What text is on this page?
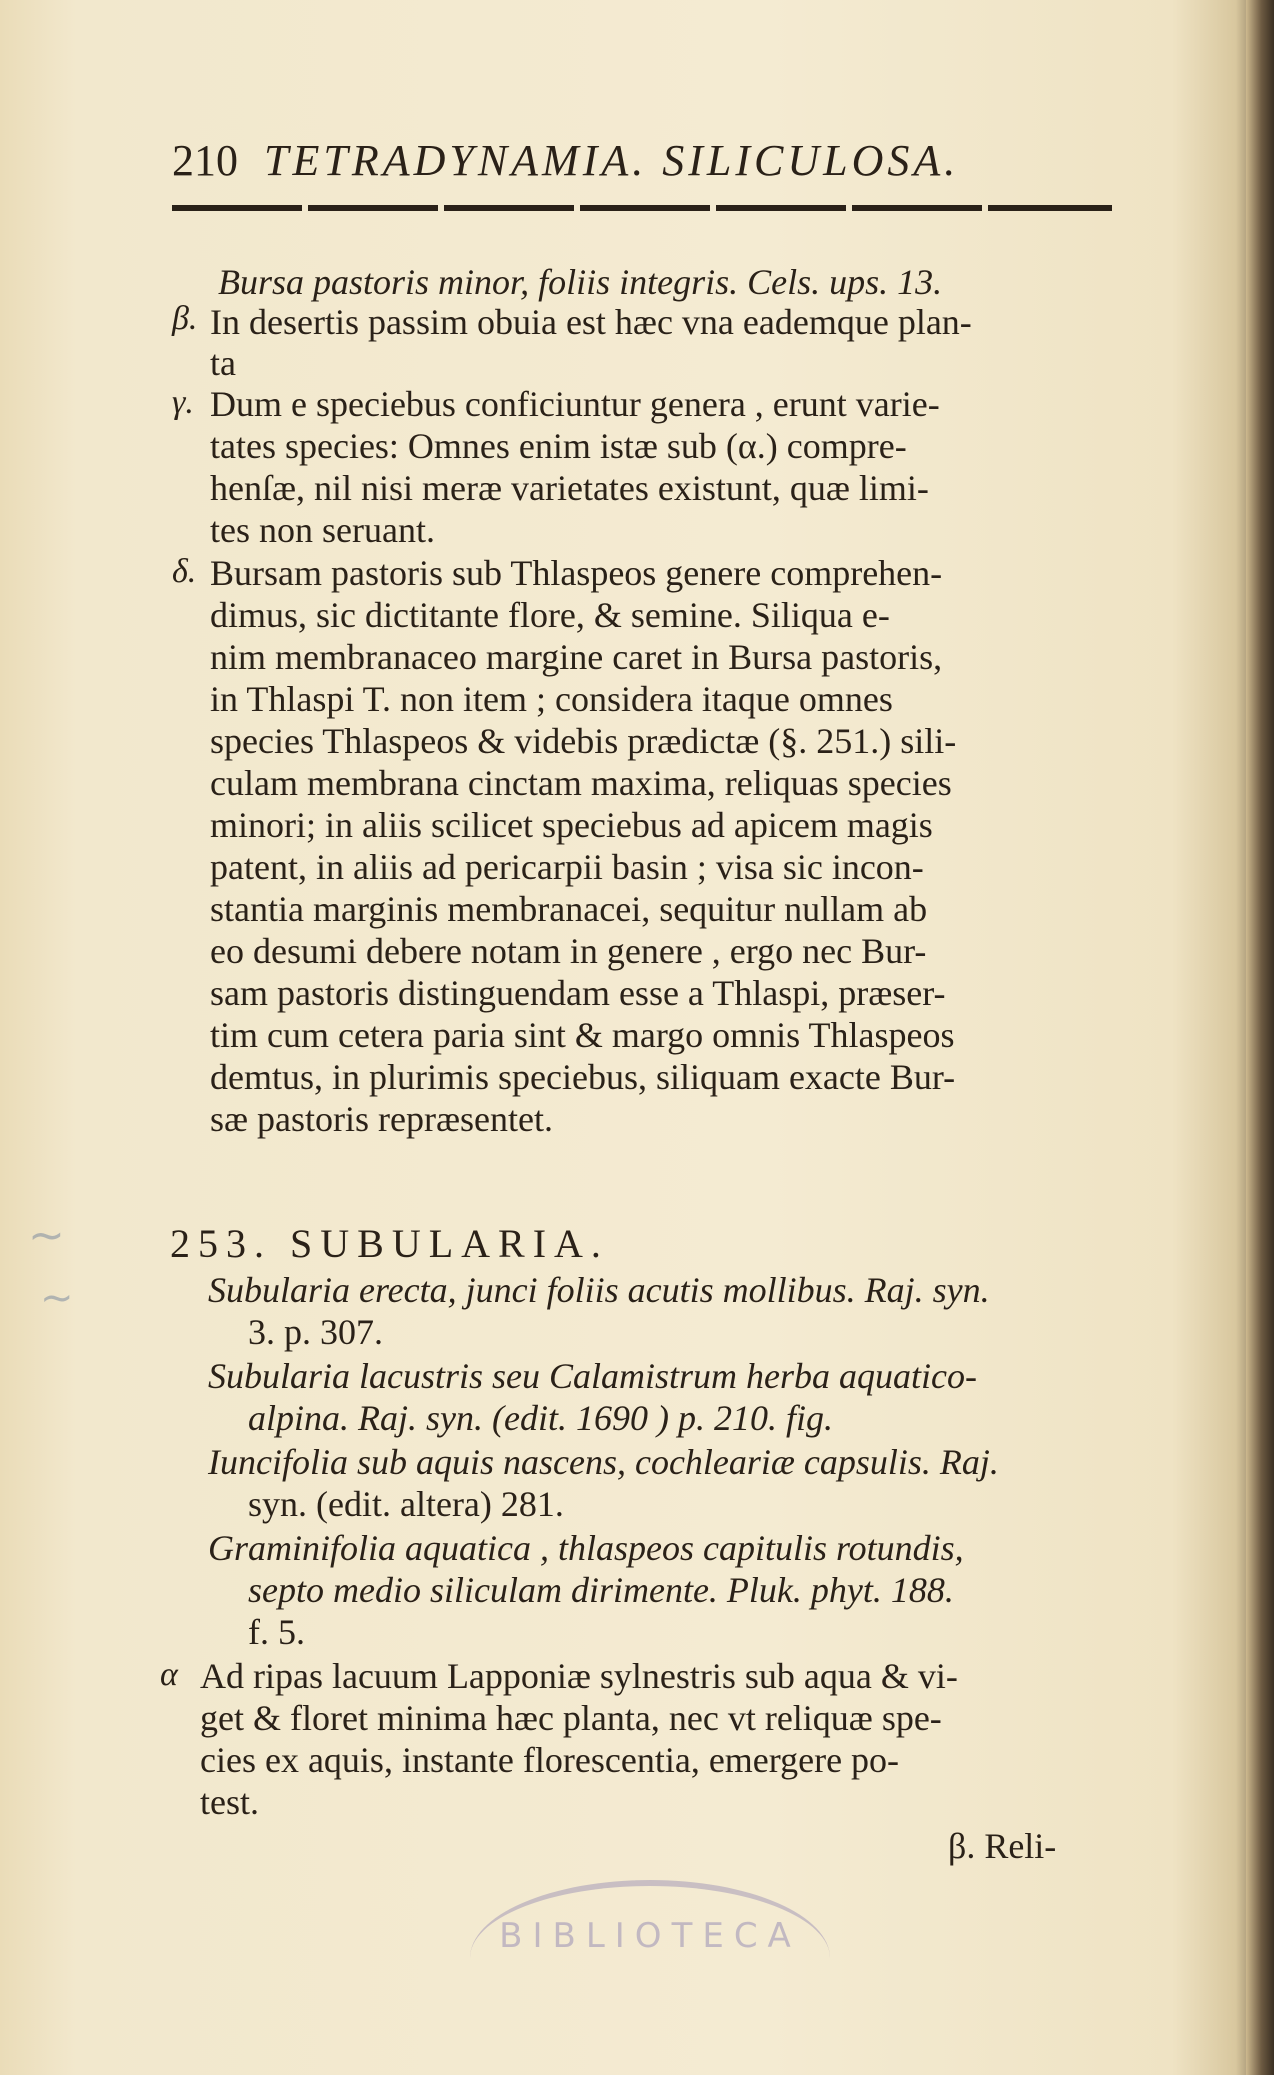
210 TETRADYNAMIA. SILICULOSA.
Bursa pastoris minor, foliis integris. Cels. ups. 13.
β. In desertis passim obuia est hæc vna eademque plan-
ta
γ. Dum e speciebus conficiuntur genera , erunt varie-
tates species: Omnes enim istæ sub (α.) compre-
henſæ, nil nisi meræ varietates existunt, quæ limi-
tes non seruant.
δ. Bursam pastoris sub Thlaspeos genere comprehen-
dimus, sic dictitante flore, & semine. Siliqua e-
nim membranaceo margine caret in Bursa pastoris,
in Thlaspi T. non item ; considera itaque omnes
species Thlaspeos & videbis prædictæ (§. 251.) sili-
culam membrana cinctam maxima, reliquas species
minori; in aliis scilicet speciebus ad apicem magis
patent, in aliis ad pericarpii basin ; visa sic incon-
stantia marginis membranacei, sequitur nullam ab
eo desumi debere notam in genere , ergo nec Bur-
sam pastoris distinguendam esse a Thlaspi, præser-
tim cum cetera paria sint & margo omnis Thlaspeos
demtus, in plurimis speciebus, siliquam exacte Bur-
sæ pastoris repræsentet.
~
~
253. SUBULARIA.
Subularia erecta, junci foliis acutis mollibus. Raj. syn.
3. p. 307.
Subularia lacustris seu Calamistrum herba aquatico-
alpina. Raj. syn. (edit. 1690 ) p. 210. fig.
Iuncifolia sub aquis nascens, cochleariæ capsulis. Raj.
syn. (edit. altera) 281.
Graminifolia aquatica , thlaspeos capitulis rotundis,
septo medio siliculam dirimente. Pluk. phyt. 188.
f. 5.
α Ad ripas lacuum Lapponiæ sylnestris sub aqua & vi-
get & floret minima hæc planta, nec vt reliquæ spe-
cies ex aquis, instante florescentia, emergere po-
test.
β. Reli-
BIBLIOTECA
